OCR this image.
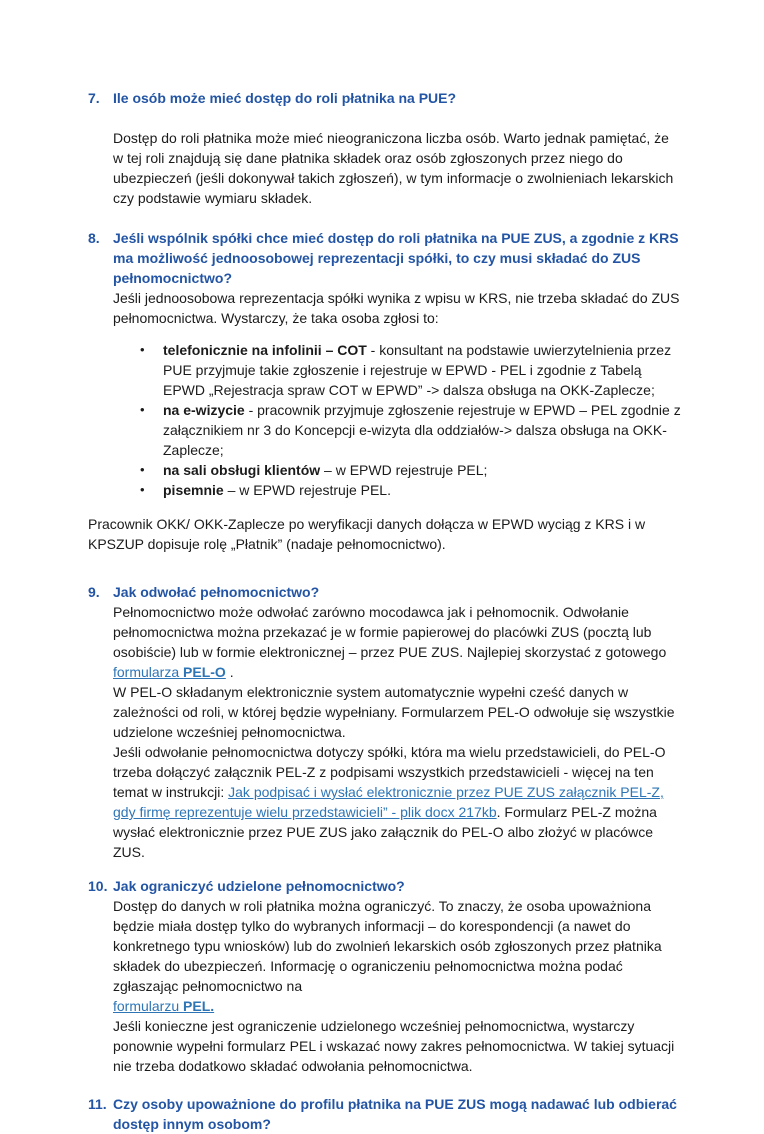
7. Ile osób może mieć dostęp do roli płatnika na PUE?

Dostęp do roli płatnika może mieć nieograniczona liczba osób. Warto jednak pamiętać, że w tej roli znajdują się dane płatnika składek oraz osób zgłoszonych przez niego do ubezpieczeń (jeśli dokonywał takich zgłoszeń), w tym informacje o zwolnieniach lekarskich czy podstawie wymiaru składek.

8. Jeśli wspólnik spółki chce mieć dostęp do roli płatnika na PUE ZUS, a zgodnie z KRS ma możliwość jednoosobowej reprezentacji spółki, to czy musi składać do ZUS pełnomocnictwo?

Jeśli jednoosobowa reprezentacja spółki wynika z wpisu w KRS, nie trzeba składać do ZUS pełnomocnictwa. Wystarczy, że taka osoba zgłosi to:

•	telefonicznie na infolinii – COT - konsultant na podstawie uwierzytelnienia przez PUE przyjmuje takie zgłoszenie i rejestruje w EPWD - PEL i zgodnie z Tabelą EPWD „Rejestracja spraw COT w EPWD” -> dalsza obsługa na OKK-Zaplecze;
•	na e-wizycie - pracownik przyjmuje zgłoszenie rejestruje w EPWD – PEL zgodnie z załącznikiem nr 3 do Koncepcji e-wizyta dla oddziałów-> dalsza obsługa na OKK-Zaplecze;
•	na sali obsługi klientów – w EPWD rejestruje PEL;
•	pisemnie – w EPWD rejestruje PEL.

Pracownik OKK/ OKK-Zaplecze po weryfikacji danych dołącza w EPWD wyciąg z KRS i w KPSZUP dopisuje rolę „Płatnik” (nadaje pełnomocnictwo).

9. Jak odwołać pełnomocnictwo?

Pełnomocnictwo może odwołać zarówno mocodawca jak i pełnomocnik. Odwołanie pełnomocnictwa można przekazać je w formie papierowej do placówki ZUS (pocztą lub osobiście) lub w formie elektronicznej – przez PUE ZUS. Najlepiej skorzystać z gotowego formularza PEL-O .

W PEL-O składanym elektronicznie system automatycznie wypełni cześć danych w zależności od roli, w której będzie wypełniany. Formularzem PEL-O odwołuje się wszystkie udzielone wcześniej pełnomocnictwa.

Jeśli odwołanie pełnomocnictwa dotyczy spółki, która ma wielu przedstawicieli, do PEL-O trzeba dołączyć załącznik PEL-Z z podpisami wszystkich przedstawicieli - więcej na ten temat w instrukcji: Jak podpisać i wysłać elektronicznie przez PUE ZUS załącznik PEL-Z, gdy firmę reprezentuje wielu przedstawicieli” - plik docx 217kb. Formularz PEL-Z można wysłać elektronicznie przez PUE ZUS jako załącznik do PEL-O albo złożyć w placówce ZUS.

10. Jak ograniczyć udzielone pełnomocnictwo?

Dostęp do danych w roli płatnika można ograniczyć. To znaczy, że osoba upoważniona będzie miała dostęp tylko do wybranych informacji – do korespondencji (a nawet do konkretnego typu wniosków) lub do zwolnień lekarskich osób zgłoszonych przez płatnika składek do ubezpieczeń. Informację o ograniczeniu pełnomocnictwa można podać zgłaszając pełnomocnictwo na

formularzu PEL.

Jeśli konieczne jest ograniczenie udzielonego wcześniej pełnomocnictwa, wystarczy ponownie wypełni formularz PEL i wskazać nowy zakres pełnomocnictwa. W takiej sytuacji nie trzeba dodatkowo składać odwołania pełnomocnictwa.

11. Czy osoby upoważnione do profilu płatnika na PUE ZUS mogą nadawać lub odbierać dostęp innym osobom?
